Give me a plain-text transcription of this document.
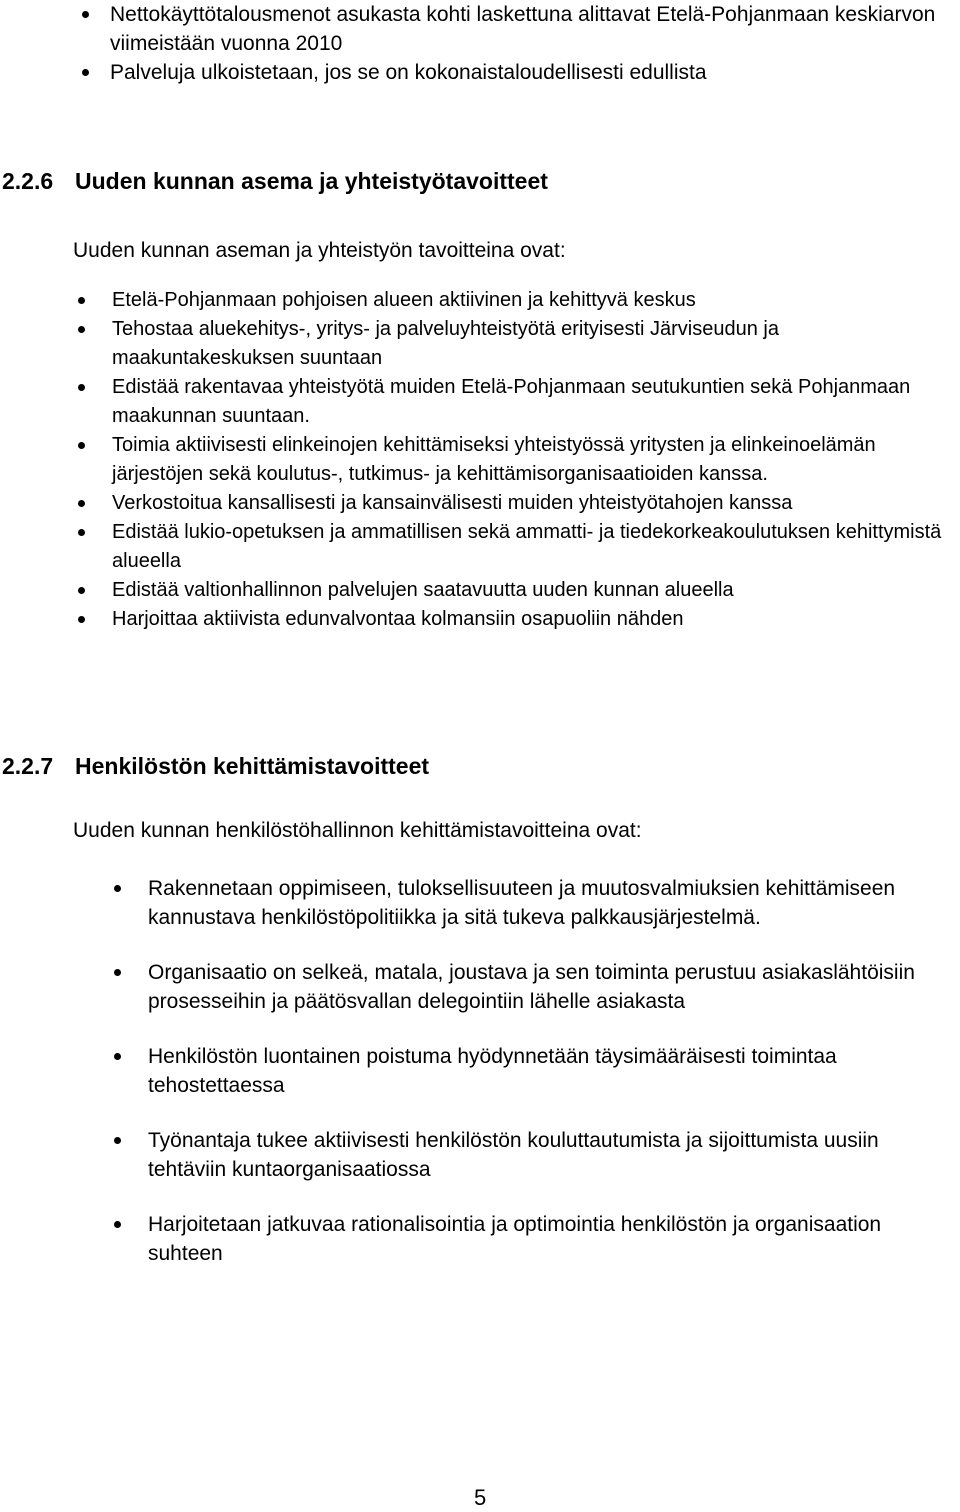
Nettokäyttötalousmenot asukasta kohti laskettuna alittavat Etelä-Pohjanmaan keskiarvon viimeistään vuonna 2010
Palveluja ulkoistetaan, jos se on kokonaistaloudellisesti edullista
2.2.6 Uuden kunnan asema ja yhteistyötavoitteet
Uuden kunnan aseman ja yhteistyön tavoitteina ovat:
Etelä-Pohjanmaan pohjoisen alueen aktiivinen ja kehittyvä keskus
Tehostaa aluekehitys-, yritys- ja palveluyhteistyötä erityisesti Järviseudun ja maakuntakeskuksen suuntaan
Edistää rakentavaa yhteistyötä muiden Etelä-Pohjanmaan seutukuntien sekä Pohjanmaan maakunnan suuntaan.
Toimia aktiivisesti elinkeinojen kehittämiseksi yhteistyössä yritysten ja elinkeinoelämän järjestöjen sekä koulutus-, tutkimus- ja kehittämisorganisaatioiden kanssa.
Verkostoitua kansallisesti ja kansainvälisesti muiden yhteistyötahojen kanssa
Edistää lukio-opetuksen ja ammatillisen sekä ammatti- ja tiedekorkeakoulutuksen kehittymistä alueella
Edistää valtionhallinnon palvelujen saatavuutta uuden kunnan alueella
Harjoittaa aktiivista edunvalvontaa kolmansiin osapuoliin nähden
2.2.7 Henkilöstön kehittämistavoitteet
Uuden kunnan henkilöstöhallinnon kehittämistavoitteina ovat:
Rakennetaan oppimiseen, tuloksellisuuteen ja muutosvalmiuksien kehittämiseen kannustava henkilöstöpolitiikka ja sitä tukeva palkkausjärjestelmä.
Organisaatio on selkeä, matala, joustava ja sen toiminta perustuu asiakaslähtöisiin prosesseihin ja päätösvallan delegointiin lähelle asiakasta
Henkilöstön luontainen poistuma hyödynnetään täysimääräisesti toimintaa tehostettaessa
Työnantaja tukee aktiivisesti henkilöstön kouluttautumista ja sijoittumista uusiin tehtäviin kuntaorganisaatiossa
Harjoitetaan jatkuvaa rationalisointia ja optimointia henkilöstön ja organisaation suhteen
5
